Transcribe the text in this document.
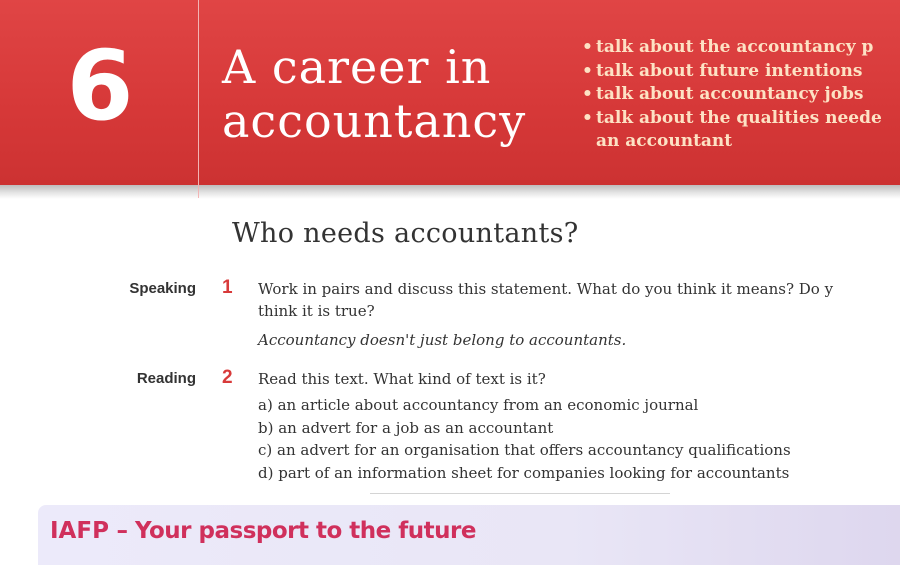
6	A career in
accountancy
• talk about the accountancy p
• talk about future intentions
• talk about accountancy jobs
• talk about the qualities neede
an accountant
Who needs accountants?
Speaking 1 Work in pairs and discuss this statement. What do you think it means? Do y
think it is true?
Accountancy doesn't just belong to accountants.
Reading 2 Read this text. What kind of text is it?
a) an article about accountancy from an economic journal
b) an advert for a job as an accountant
c) an advert for an organisation that offers accountancy qualifications
d) part of an information sheet for companies looking for accountants
IAFP – Your passport to the future
